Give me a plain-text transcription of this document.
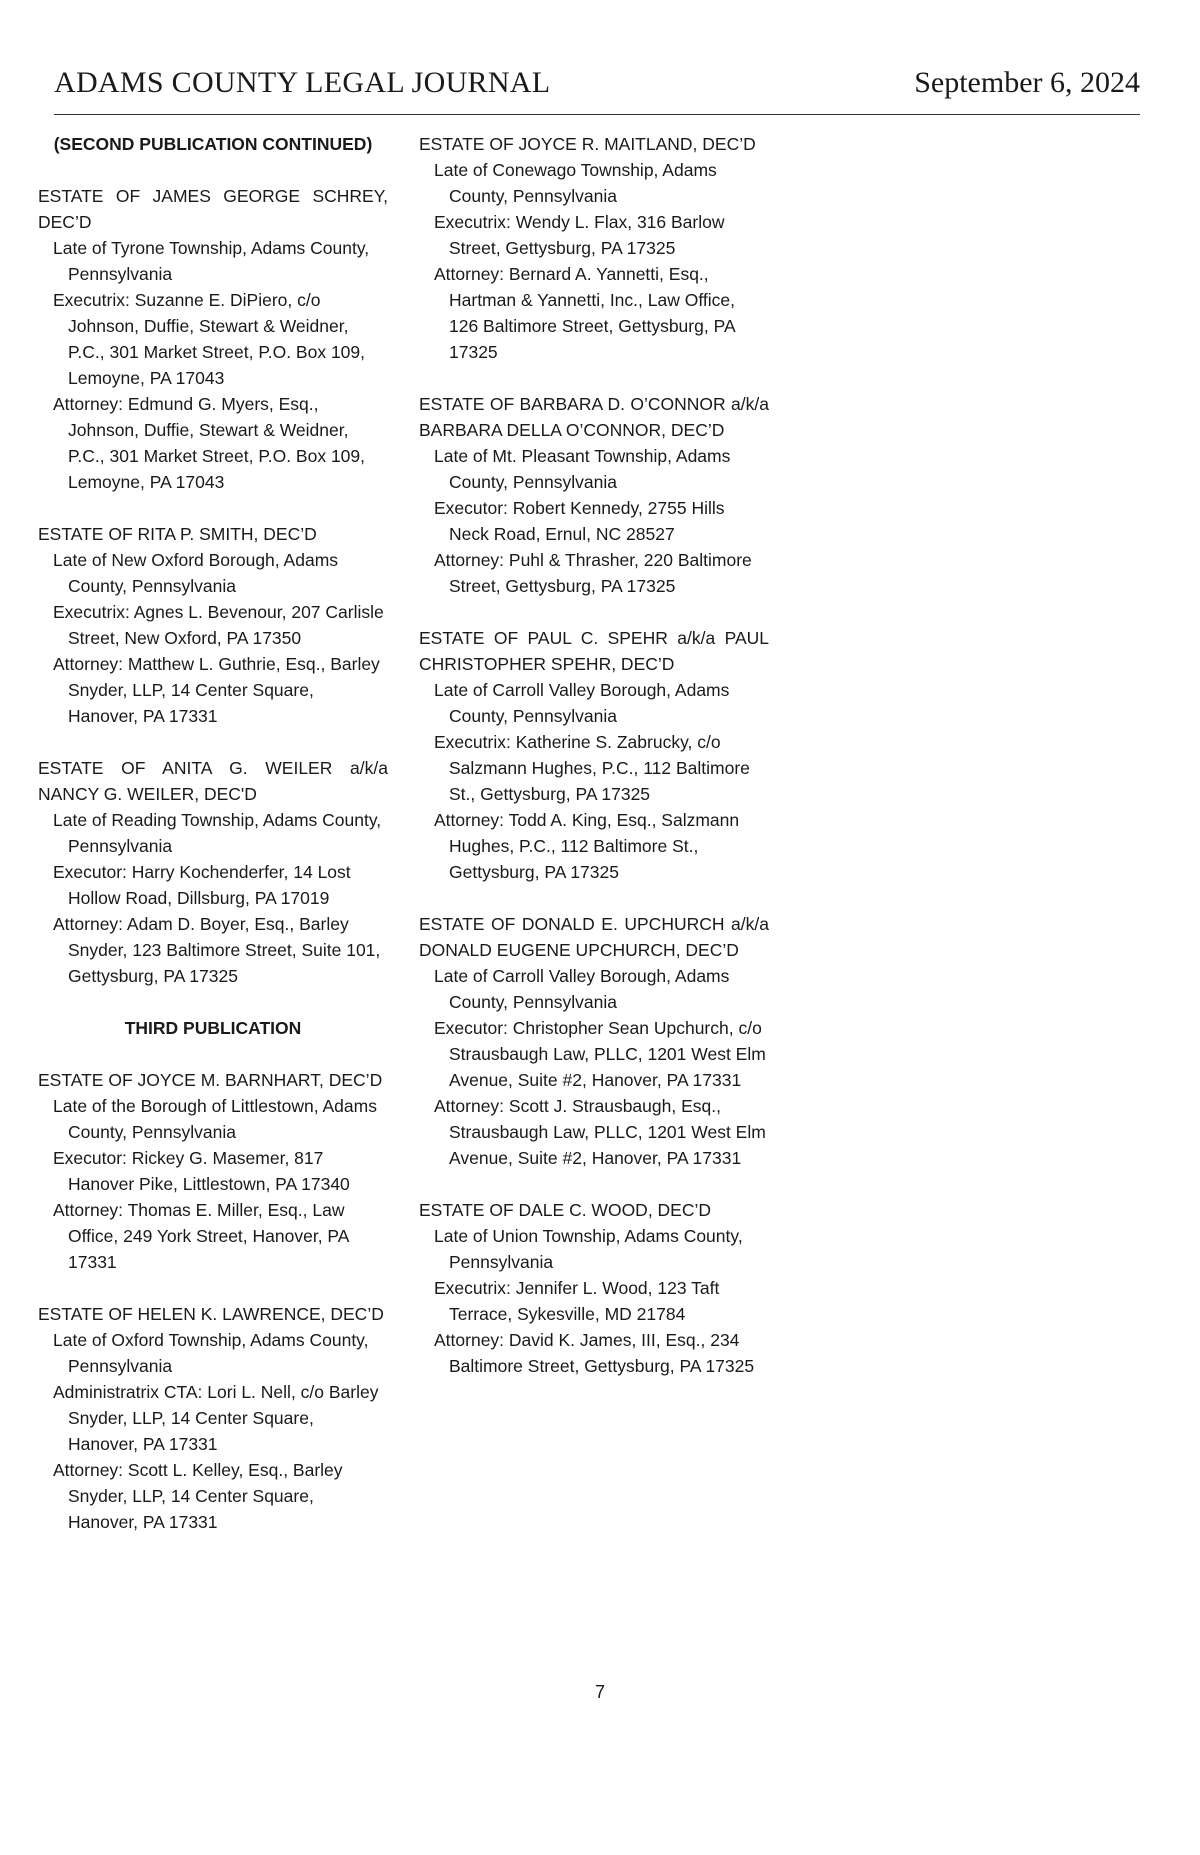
ADAMS COUNTY LEGAL JOURNAL	September 6, 2024
(SECOND PUBLICATION CONTINUED)
ESTATE OF JAMES GEORGE SCHREY, DEC’D
Late of Tyrone Township, Adams County, Pennsylvania
Executrix: Suzanne E. DiPiero, c/o Johnson, Duffie, Stewart & Weidner, P.C., 301 Market Street, P.O. Box 109, Lemoyne, PA 17043
Attorney: Edmund G. Myers, Esq., Johnson, Duffie, Stewart & Weidner, P.C., 301 Market Street, P.O. Box 109, Lemoyne, PA 17043
ESTATE OF RITA P. SMITH, DEC’D
Late of New Oxford Borough, Adams County, Pennsylvania
Executrix: Agnes L. Bevenour, 207 Carlisle Street, New Oxford, PA 17350
Attorney: Matthew L. Guthrie, Esq., Barley Snyder, LLP, 14 Center Square, Hanover, PA 17331
ESTATE OF ANITA G. WEILER a/k/a NANCY G. WEILER, DEC'D
Late of Reading Township, Adams County, Pennsylvania
Executor: Harry Kochenderfer, 14 Lost Hollow Road, Dillsburg, PA 17019
Attorney: Adam D. Boyer, Esq., Barley Snyder, 123 Baltimore Street, Suite 101, Gettysburg, PA 17325
THIRD PUBLICATION
ESTATE OF JOYCE M. BARNHART, DEC’D
Late of the Borough of Littlestown, Adams County, Pennsylvania
Executor: Rickey G. Masemer, 817 Hanover Pike, Littlestown, PA 17340
Attorney: Thomas E. Miller, Esq., Law Office, 249 York Street, Hanover, PA 17331
ESTATE OF HELEN K. LAWRENCE, DEC’D
Late of Oxford Township, Adams County, Pennsylvania
Administratrix CTA: Lori L. Nell, c/o Barley Snyder, LLP, 14 Center Square, Hanover, PA 17331
Attorney: Scott L. Kelley, Esq., Barley Snyder, LLP, 14 Center Square, Hanover, PA 17331
ESTATE OF JOYCE R. MAITLAND, DEC’D
Late of Conewago Township, Adams County, Pennsylvania
Executrix: Wendy L. Flax, 316 Barlow Street, Gettysburg, PA 17325
Attorney: Bernard A. Yannetti, Esq., Hartman & Yannetti, Inc., Law Office, 126 Baltimore Street, Gettysburg, PA 17325
ESTATE OF BARBARA D. O’CONNOR a/k/a BARBARA DELLA O’CONNOR, DEC’D
Late of Mt. Pleasant Township, Adams County, Pennsylvania
Executor: Robert Kennedy, 2755 Hills Neck Road, Ernul, NC 28527
Attorney: Puhl & Thrasher, 220 Baltimore Street, Gettysburg, PA 17325
ESTATE OF PAUL C. SPEHR a/k/a PAUL CHRISTOPHER SPEHR, DEC’D
Late of Carroll Valley Borough, Adams County, Pennsylvania
Executrix: Katherine S. Zabrucky, c/o Salzmann Hughes, P.C., 112 Baltimore St., Gettysburg, PA 17325
Attorney: Todd A. King, Esq., Salzmann Hughes, P.C., 112 Baltimore St., Gettysburg, PA 17325
ESTATE OF DONALD E. UPCHURCH a/k/a DONALD EUGENE UPCHURCH, DEC’D
Late of Carroll Valley Borough, Adams County, Pennsylvania
Executor: Christopher Sean Upchurch, c/o Strausbaugh Law, PLLC, 1201 West Elm Avenue, Suite #2, Hanover, PA 17331
Attorney: Scott J. Strausbaugh, Esq., Strausbaugh Law, PLLC, 1201 West Elm Avenue, Suite #2, Hanover, PA 17331
ESTATE OF DALE C. WOOD, DEC’D
Late of Union Township, Adams County, Pennsylvania
Executrix: Jennifer L. Wood, 123 Taft Terrace, Sykesville, MD 21784
Attorney: David K. James, III, Esq., 234 Baltimore Street, Gettysburg, PA 17325
7
